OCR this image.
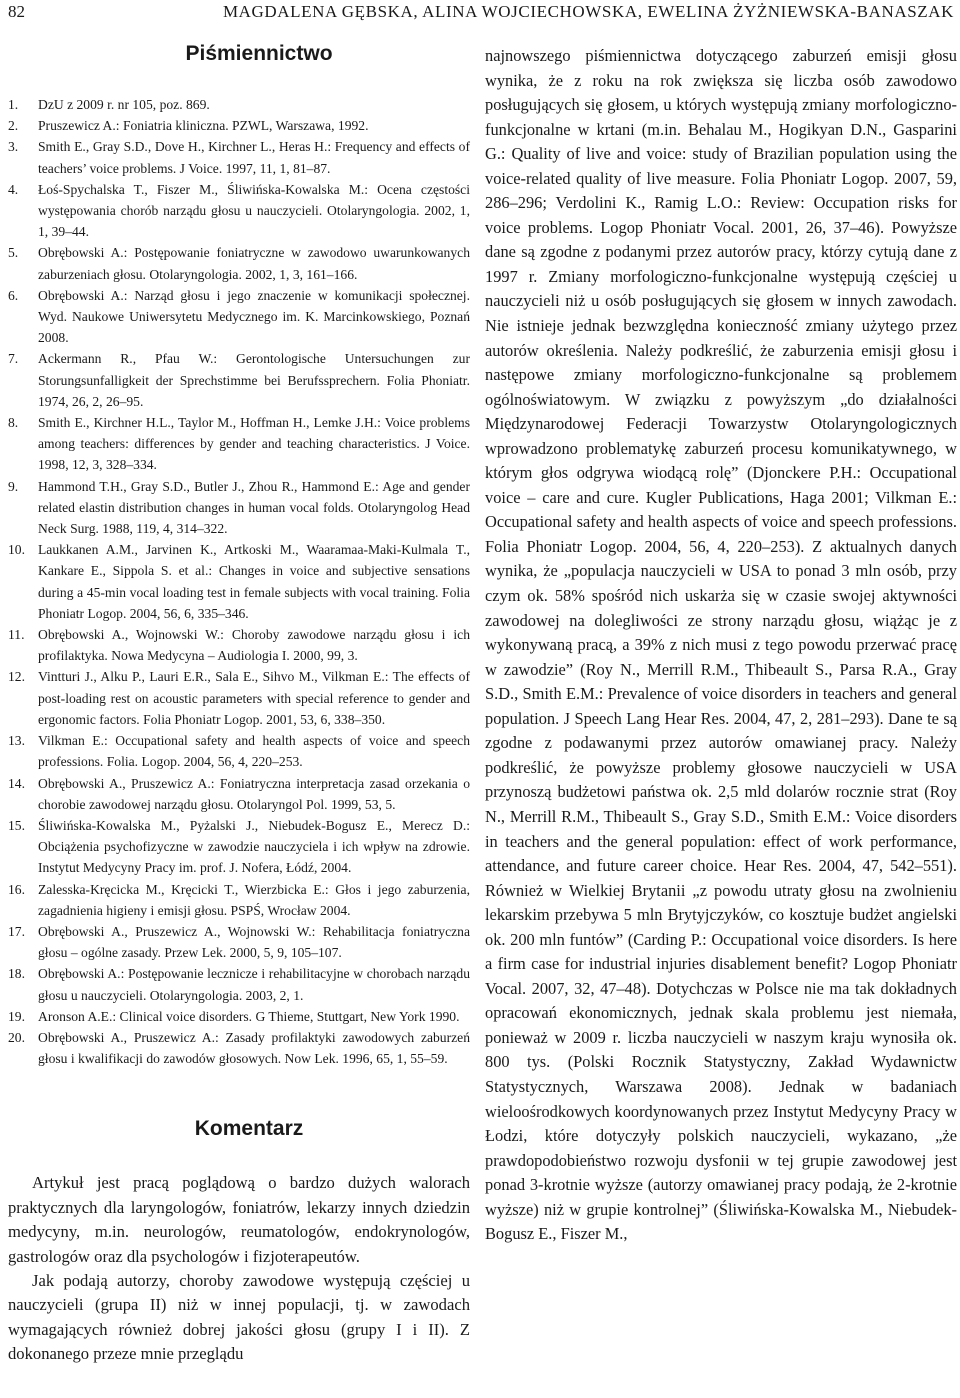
82	MAGDALENA GĘBSKA, ALINA WOJCIECHOWSKA, EWELINA ŻYŻNIEWSKA-BANASZAK
Piśmiennictwo
1.	DzU z 2009 r. nr 105, poz. 869.
2.	Pruszewicz A.: Foniatria kliniczna. PZWL, Warszawa, 1992.
3.	Smith E., Gray S.D., Dove H., Kirchner L., Heras H.: Frequency and effects of teachers’ voice problems. J Voice. 1997, 11, 1, 81–87.
4.	Łoś-Spychalska T., Fiszer M., Śliwińska-Kowalska M.: Ocena częstości występowania chorób narządu głosu u nauczycieli. Otolaryngologia. 2002, 1, 1, 39–44.
5.	Obrębowski A.: Postępowanie foniatryczne w zawodowo uwarunkowanych zaburzeniach głosu. Otolaryngologia. 2002, 1, 3, 161–166.
6.	Obrębowski A.: Narząd głosu i jego znaczenie w komunikacji społecznej. Wyd. Naukowe Uniwersytetu Medycznego im. K. Marcinkowskiego, Poznań 2008.
7.	Ackermann R., Pfau W.: Gerontologische Untersuchungen zur Storungsunfalligkeit der Sprechstimme bei Berufssprechern. Folia Phoniatr. 1974, 26, 2, 26–95.
8.	Smith E., Kirchner H.L., Taylor M., Hoffman H., Lemke J.H.: Voice problems among teachers: differences by gender and teaching characteristics. J Voice. 1998, 12, 3, 328–334.
9.	Hammond T.H., Gray S.D., Butler J., Zhou R., Hammond E.: Age and gender related elastin distribution changes in human vocal folds. Otolaryngolog Head Neck Surg. 1988, 119, 4, 314–322.
10. Laukkanen A.M., Jarvinen K., Artkoski M., Waaramaa-Maki-Kulmala T., Kankare E., Sippola S. et al.: Changes in voice and subjective sensations during a 45-min vocal loading test in female subjects with vocal training. Folia Phoniatr Logop. 2004, 56, 6, 335–346.
11. Obrębowski A., Wojnowski W.: Choroby zawodowe narządu głosu i ich profilaktyka. Nowa Medycyna – Audiologia I. 2000, 99, 3.
12. Vintturi J., Alku P., Lauri E.R., Sala E., Sihvo M., Vilkman E.: The effects of post-loading rest on acoustic parameters with special reference to gender and ergonomic factors. Folia Phoniatr Logop. 2001, 53, 6, 338–350.
13. Vilkman E.: Occupational safety and health aspects of voice and speech professions. Folia. Logop. 2004, 56, 4, 220–253.
14. Obrębowski A., Pruszewicz A.: Foniatryczna interpretacja zasad orzekania o chorobie zawodowej narządu głosu. Otolaryngol Pol. 1999, 53, 5.
15. Śliwińska-Kowalska M., Pyżalski J., Niebudek-Bogusz E., Merecz D.: Obciążenia psychofizyczne w zawodzie nauczyciela i ich wpływ na zdrowie. Instytut Medycyny Pracy im. prof. J. Nofera, Łódź, 2004.
16. Zalesska-Kręcicka M., Kręcicki T., Wierzbicka E.: Głos i jego zaburzenia, zagadnienia higieny i emisji głosu. PSPŚ, Wrocław 2004.
17. Obrębowski A., Pruszewicz A., Wojnowski W.: Rehabilitacja foniatryczna głosu – ogólne zasady. Przew Lek. 2000, 5, 9, 105–107.
18. Obrębowski A.: Postępowanie lecznicze i rehabilitacyjne w chorobach narządu głosu u nauczycieli. Otolaryngologia. 2003, 2, 1.
19. Aronson A.E.: Clinical voice disorders. G Thieme, Stuttgart, New York 1990.
20. Obrębowski A., Pruszewicz A.: Zasady profilaktyki zawodowych zaburzeń głosu i kwalifikacji do zawodów głosowych. Now Lek. 1996, 65, 1, 55–59.
Komentarz

Artykuł jest pracą poglądową o bardzo dużych walorach praktycznych dla laryngologów, foniatrów, lekarzy innych dziedzin medycyny, m.in. neurologów, reumatologów, endokrynologów, gastrologów oraz dla psychologów i fizjoterapeutów.

Jak podają autorzy, choroby zawodowe występują częściej u nauczycieli (grupa II) niż w innej populacji, tj. w zawodach wymagających również dobrej jakości głosu (grupy I i II). Z dokonanego przeze mnie przeglądu

najnowszego piśmiennictwa dotyczącego zaburzeń emisji głosu wynika, że z roku na rok zwiększa się liczba osób zawodowo posługujących się głosem, u których występują zmiany morfologiczno-funkcjonalne w krtani (m.in. Behalau M., Hogikyan D.N., Gasparini G.: Quality of live and voice: study of Brazilian population using the voice-related quality of live measure. Folia Phoniatr Logop. 2007, 59, 286–296; Verdolini K., Ramig L.O.: Review: Occupation risks for voice problems. Logop Phoniatr Vocal. 2001, 26, 37–46). Powyższe dane są zgodne z podanymi przez autorów pracy, którzy cytują dane z 1997 r. Zmiany morfologiczno-funkcjonalne występują częściej u nauczycieli niż u osób posługujących się głosem w innych zawodach. Nie istnieje jednak bezwzględna konieczność zmiany użytego przez autorów określenia. Należy podkreślić, że zaburzenia emisji głosu i następowe zmiany morfologiczno-funkcjonalne są problemem ogólnoświatowym. W związku z powyższym „do działalności Międzynarodowej Federacji Towarzystw Otolaryngologicznych wprowadzono problematykę zaburzeń procesu komunikatywnego, w którym głos odgrywa wiodącą rolę” (Djonckere P.H.: Occupational voice – care and cure. Kugler Publications, Haga 2001; Vilkman E.: Occupational safety and health aspects of voice and speech professions. Folia Phoniatr Logop. 2004, 56, 4, 220–253). Z aktualnych danych wynika, że „populacja nauczycieli w USA to ponad 3 mln osób, przy czym ok. 58% spośród nich uskarża się w czasie swojej aktywności zawodowej na dolegliwości ze strony narządu głosu, wiążąc je z wykonywaną pracą, a 39% z nich musi z tego powodu przerwać pracę w zawodzie” (Roy N., Merrill R.M., Thibeault S., Parsa R.A., Gray S.D., Smith E.M.: Prevalence of voice disorders in teachers and general population. J Speech Lang Hear Res. 2004, 47, 2, 281–293). Dane te są zgodne z podawanymi przez autorów omawianej pracy. Należy podkreślić, że powyższe problemy głosowe nauczycieli w USA przynoszą budżetowi państwa ok. 2,5 mld dolarów rocznie strat (Roy N., Merrill R.M., Thibeault S., Gray S.D., Smith E.M.: Voice disorders in teachers and the general population: effect of work performance, attendance, and future career choice. Hear Res. 2004, 47, 542–551). Również w Wielkiej Brytanii „z powodu utraty głosu na zwolnieniu lekarskim przebywa 5 mln Brytyjczyków, co kosztuje budżet angielski ok. 200 mln funtów” (Carding P.: Occupational voice disorders. Is here a firm case for industrial injuries disablement benefit? Logop Phoniatr Vocal. 2007, 32, 47–48). Dotychczas w Polsce nie ma tak dokładnych opracowań ekonomicznych, jednak skala problemu jest niemała, ponieważ w 2009 r. liczba nauczycieli w naszym kraju wynosiła ok. 800 tys. (Polski Rocznik Statystyczny, Zakład Wydawnictw Statystycznych, Warszawa 2008). Jednak w badaniach wieloośrodkowych koordynowanych przez Instytut Medycyny Pracy w Łodzi, które dotyczyły polskich nauczycieli, wykazano, „że prawdopodobieństwo rozwoju dysfonii w tej grupie zawodowej jest ponad 3-krotnie wyższe (autorzy omawianej pracy podają, że 2-krotnie wyższe) niż w grupie kontrolnej” (Śliwińska-Kowalska M., Niebudek-Bogusz E., Fiszer M.,
